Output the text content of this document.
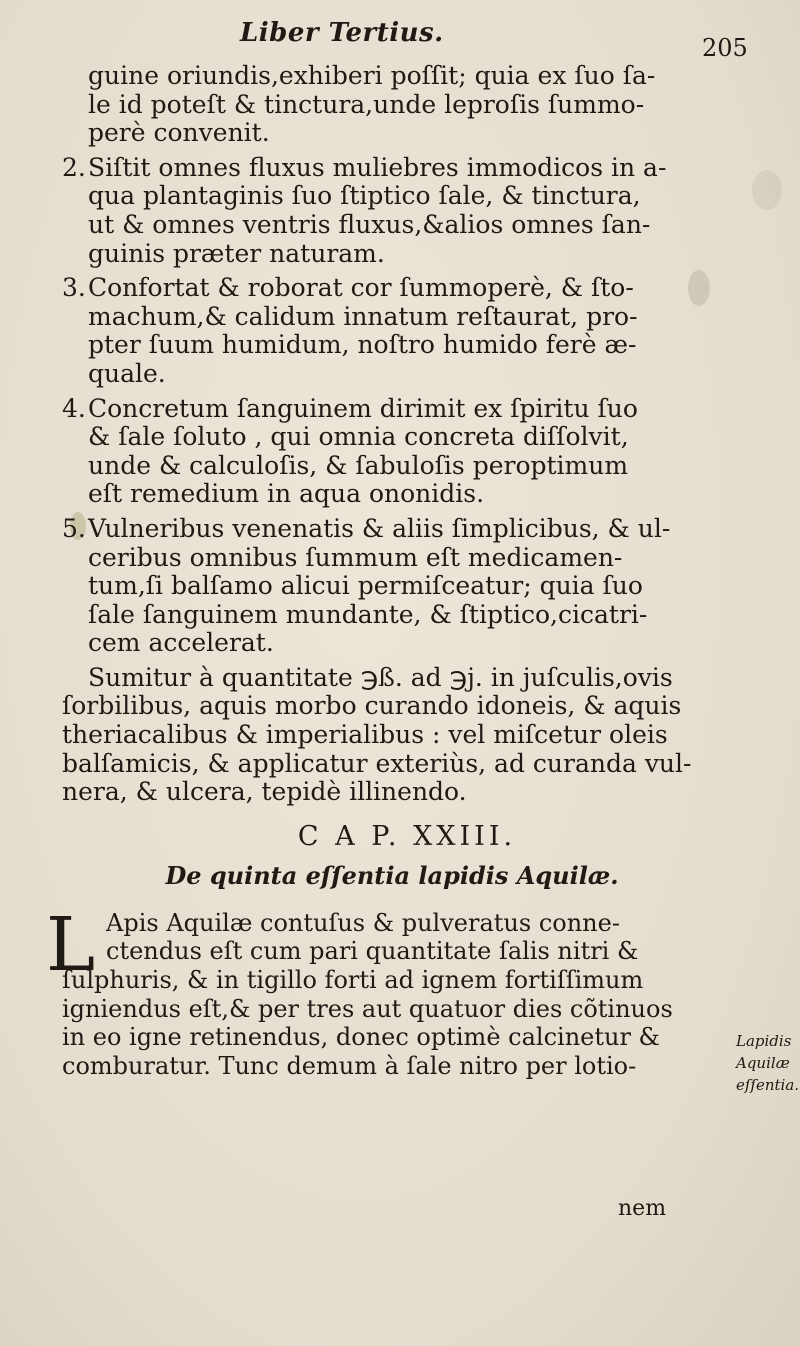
Liber Tertius.	205
guine oriundis,exhiberi poſſit; quia ex ſuo ſa-
le id poteſt & tinctura,unde leproſis ſummo-
perè convenit.
2.Siſtit omnes fluxus muliebres immodicos in a-
qua plantaginis ſuo ſtiptico ſale, & tinctura,
ut & omnes ventris fluxus,&alios omnes ſan-
guinis præter naturam.
3.Confortat & roborat cor ſummoperè, & ſto-
machum,& calidum innatum reſtaurat, pro-
pter ſuum humidum, noſtro humido ferè æ-
quale.
4.Concretum ſanguinem dirimit ex ſpiritu ſuo
& ſale ſoluto , qui omnia concreta diſſolvit,
unde & calculoſis, & ſabuloſis peroptimum
eſt remedium in aqua ononidis.
5.Vulneribus venenatis & aliis ſimplicibus, & ul-
ceribus omnibus ſummum eſt medicamen-
tum,ſi balſamo alicui permiſceatur; quia ſuo
ſale ſanguinem mundante, & ſtiptico,cicatri-
cem accelerat.
Sumitur à quantitate ℈ß. ad ℈j. in juſculis,ovis
ſorbilibus, aquis morbo curando idoneis, & aquis
theriacalibus & imperialibus : vel miſcetur oleis
balſamicis, & applicatur exteriùs, ad curanda vul-
nera, & ulcera, tepidè illinendo.
C A P. XXIII.
De quinta eſſentia lapidis Aquilæ.
L Apis Aquilæ contuſus & pulveratus conne-
ctendus eſt cum pari quantitate ſalis nitri &
ſulphuris, & in tigillo forti ad ignem fortiſſimum
igniendus eſt,& per tres aut quatuor dies cõtinuos
in eo igne retinendus, donec optimè calcinetur &
comburatur. Tunc demum à ſale nitro per lotio-
Lapidis
Aquilæ
eſſentia.
nem
